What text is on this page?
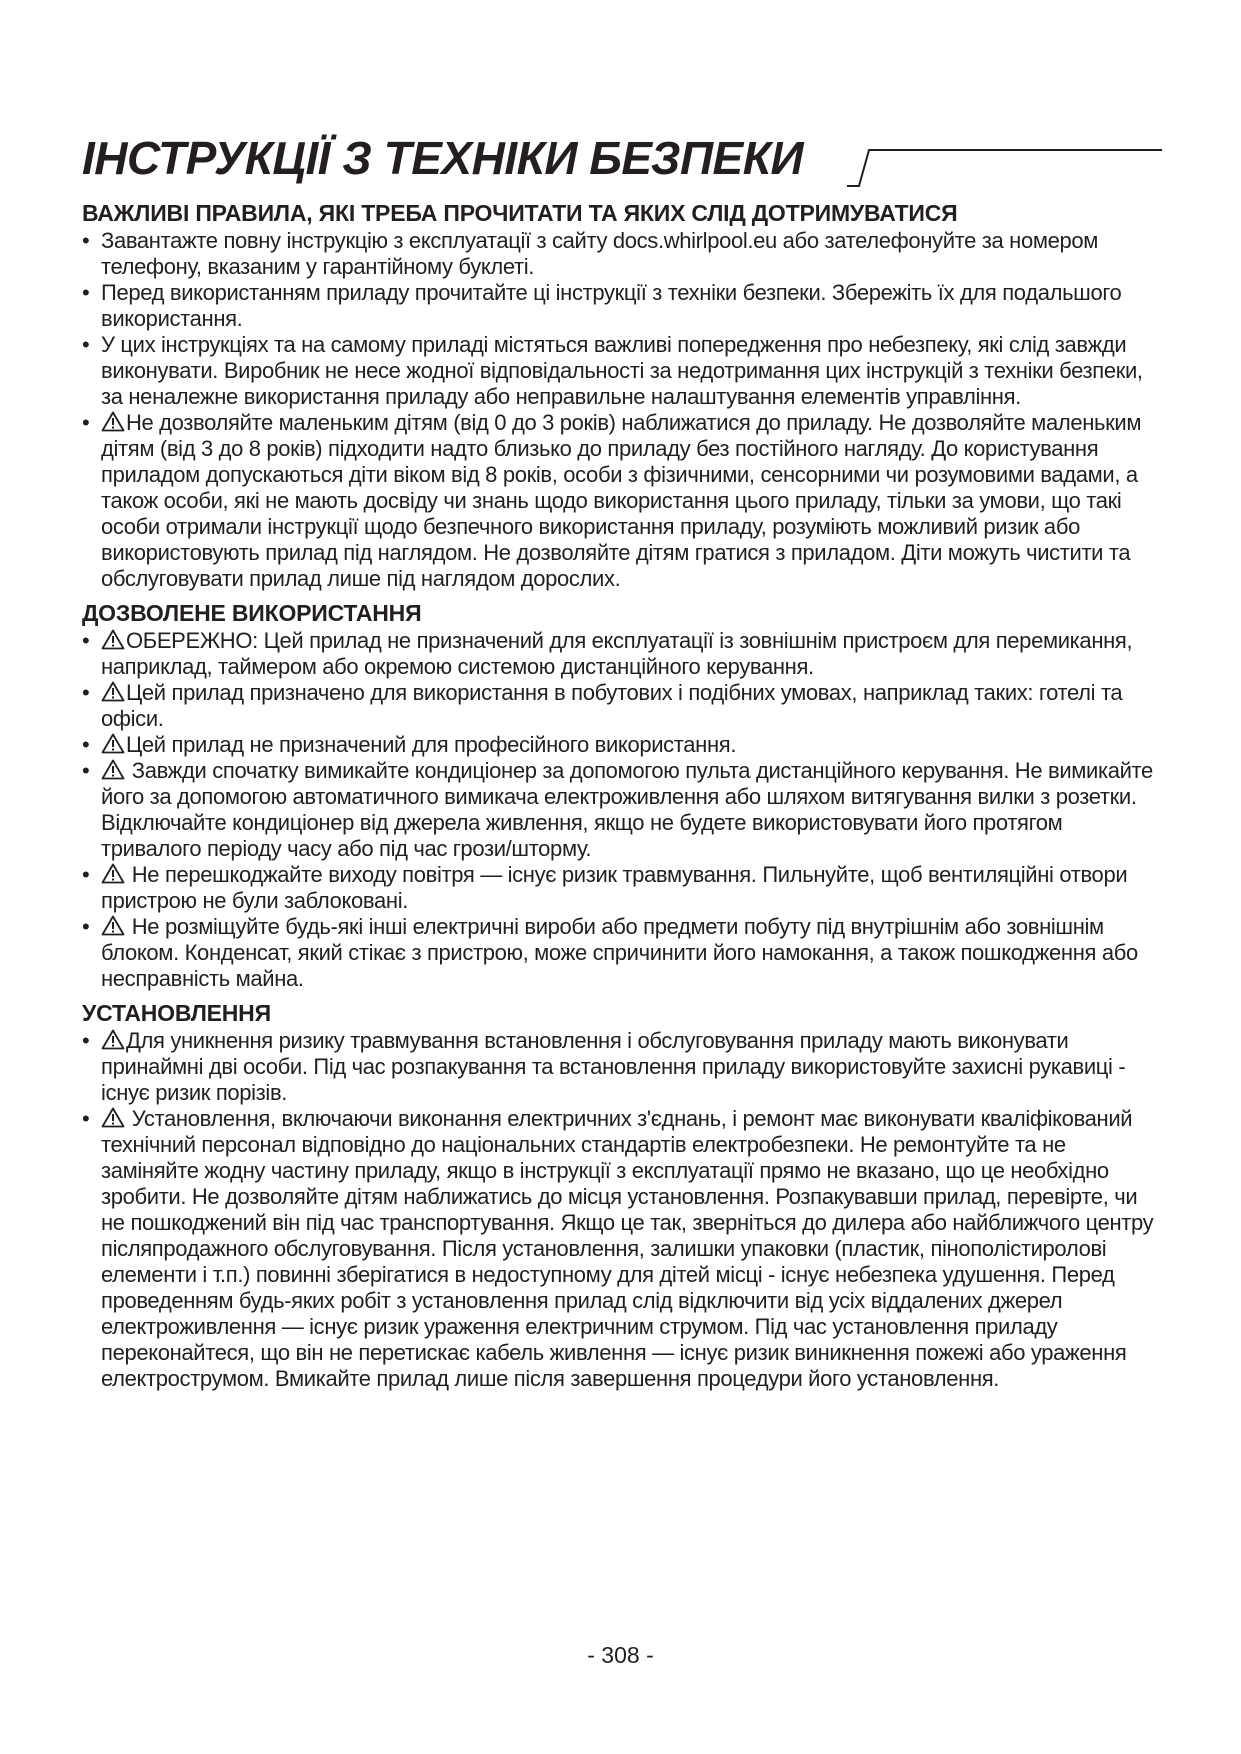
ІНСТРУКЦІЇ З ТЕХНІКИ БЕЗПЕКИ
ВАЖЛИВІ ПРАВИЛА, ЯКІ ТРЕБА ПРОЧИТАТИ ТА ЯКИХ СЛІД ДОТРИМУВАТИСЯ
• Завантажте повну інструкцію з експлуатації з сайту docs.whirlpool.eu або зателефонуйте за номером телефону, вказаним у гарантійному буклеті.
• Перед використанням приладу прочитайте ці інструкції з техніки безпеки. Збережіть їх для подальшого використання.
• У цих інструкціях та на самому приладі містяться важливі попередження про небезпеку, які слід завжди виконувати. Виробник не несе жодної відповідальності за недотримання цих інструкцій з техніки безпеки, за неналежне використання приладу або неправильне налаштування елементів управління.
• Не дозволяйте маленьким дітям (від 0 до 3 років) наближатися до приладу. Не дозволяйте маленьким дітям (від 3 до 8 років) підходити надто близько до приладу без постійного нагляду. До користування приладом допускаються діти віком від 8 років, особи з фізичними, сенсорними чи розумовими вадами, а також особи, які не мають досвіду чи знань щодо використання цього приладу, тільки за умови, що такі особи отримали інструкції щодо безпечного використання приладу, розуміють можливий ризик або використовують прилад під наглядом. Не дозволяйте дітям гратися з приладом. Діти можуть чистити та обслуговувати прилад лише під наглядом дорослих.
ДОЗВОЛЕНЕ ВИКОРИСТАННЯ
• ОБЕРЕЖНО: Цей прилад не призначений для експлуатації із зовнішнім пристроєм для перемикання, наприклад, таймером або окремою системою дистанційного керування.
• Цей прилад призначено для використання в побутових і подібних умовах, наприклад таких: готелі та офіси.
• Цей прилад не призначений для професійного використання.
• Завжди спочатку вимикайте кондиціонер за допомогою пульта дистанційного керування. Не вимикайте його за допомогою автоматичного вимикача електроживлення або шляхом витягування вилки з розетки. Відключайте кондиціонер від джерела живлення, якщо не будете використовувати його протягом тривалого періоду часу або під час грози/шторму.
• Не перешкоджайте виходу повітря — існує ризик травмування. Пильнуйте, щоб вентиляційні отвори пристрою не були заблоковані.
• Не розміщуйте будь-які інші електричні вироби або предмети побуту під внутрішнім або зовнішнім блоком. Конденсат, який стікає з пристрою, може спричинити його намокання, а також пошкодження або несправність майна.
УСТАНОВЛЕННЯ
• Для уникнення ризику травмування встановлення і обслуговування приладу мають виконувати принаймні дві особи. Під час розпакування та встановлення приладу використовуйте захисні рукавиці - існує ризик порізів.
• Установлення, включаючи виконання електричних з'єднань, і ремонт має виконувати кваліфікований технічний персонал відповідно до національних стандартів електробезпеки. Не ремонтуйте та не заміняйте жодну частину приладу, якщо в інструкції з експлуатації прямо не вказано, що це необхідно зробити. Не дозволяйте дітям наближатись до місця установлення. Розпакувавши прилад, перевірте, чи не пошкоджений він під час транспортування. Якщо це так, зверніться до дилера або найближчого центру післяпродажного обслуговування. Після установлення, залишки упаковки (пластик, пінополістиролові елементи і т.п.) повинні зберігатися в недоступному для дітей місці - існує небезпека удушення. Перед проведенням будь-яких робіт з установлення прилад слід відключити від усіх віддалених джерел електроживлення — існує ризик ураження електричним струмом. Під час установлення приладу переконайтеся, що він не перетискає кабель живлення — існує ризик виникнення пожежі або ураження електрострумом. Вмикайте прилад лише після завершення процедури його установлення.
- 308 -
